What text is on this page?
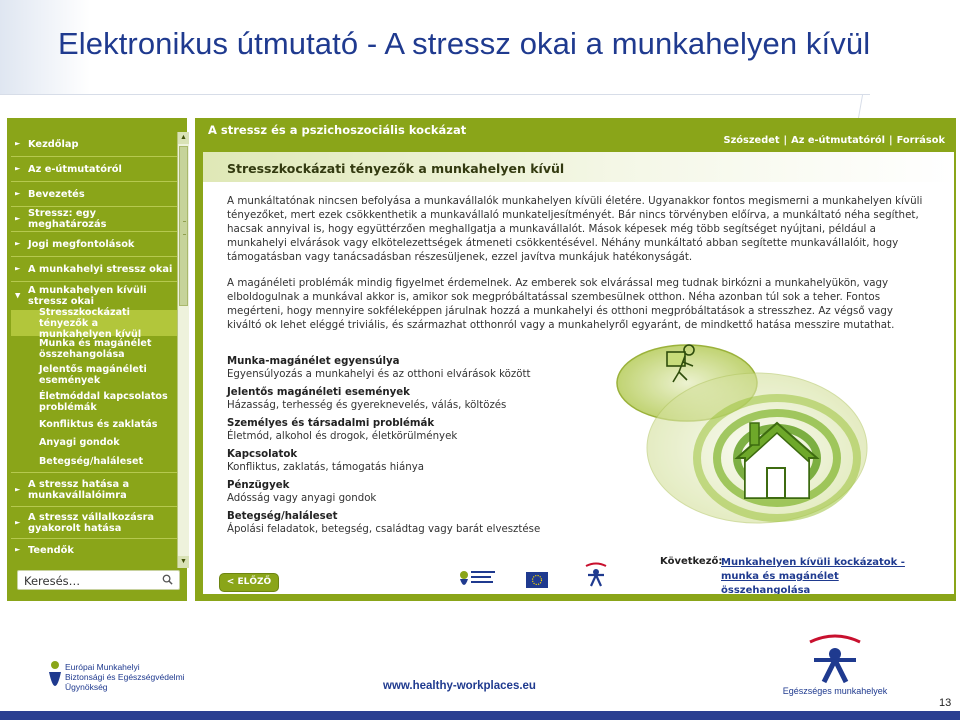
Elektronikus útmutató - A stressz okai a munkahelyen kívül
► Kezdőlap
► Az e-útmutatóról
► Bevezetés
► Stressz: egy meghatározás
► Jogi megfontolások
► A munkahelyi stressz okai
▼ A munkahelyen kívüli stressz okai
Stresszkockázati tényezők a munkahelyen kívül
Munka és magánélet összehangolása
Jelentős magánéleti események
Életmóddal kapcsolatos problémák
Konfliktus és zaklatás
Anyagi gondok
Betegség/haláleset
► A stressz hatása a munkavállalóimra
► A stressz vállalkozásra gyakorolt hatása
► Teendők
▲
▼
Keresés…
A stressz és a pszichoszociális kockázat
Szószedet | Az e-útmutatóról | Források
Stresszkockázati tényezők a munkahelyen kívül
A munkáltatónak nincsen befolyása a munkavállalók munkahelyen kívüli életére. Ugyanakkor fontos megismerni a munkahelyen kívüli tényezőket, mert ezek csökkenthetik a munkavállaló munkateljesítményét. Bár nincs törvényben előírva, a munkáltató néha segíthet, hacsak annyival is, hogy együttérzően meghallgatja a munkavállalót. Mások képesek még több segítséget nyújtani, például a munkahelyi elvárások vagy elkötelezettségek átmeneti csökkentésével. Néhány munkáltató abban segítette munkavállalóit, hogy támogatásban vagy tanácsadásban részesüljenek, ezzel javítva munkájuk hatékonyságát.
A magánéleti problémák mindig figyelmet érdemelnek. Az emberek sok elvárással meg tudnak birkózni a munkahelyükön, vagy elboldogulnak a munkával akkor is, amikor sok megpróbáltatással szembesülnek otthon. Néha azonban túl sok a teher. Fontos megérteni, hogy mennyire sokféleképpen járulnak hozzá a munkahelyi és otthoni megpróbáltatások a stresszhez. Az végső vagy kiváltó ok lehet eléggé triviális, és származhat otthonról vagy a munkahelyről egyaránt, de mindkettő hatása messzire mutathat.
Munka-magánélet egyensúlya
Egyensúlyozás a munkahelyi és az otthoni elvárások között
Jelentős magánéleti események
Házasság, terhesség és gyereknevelés, válás, költözés
Személyes és társadalmi problémák
Életmód, alkohol és drogok, életkörülmények
Kapcsolatok
Konfliktus, zaklatás, támogatás hiánya
Pénzügyek
Adósság vagy anyagi gondok
Betegség/haláleset
Ápolási feladatok, betegség, családtag vagy barát elvesztése
< ELŐZŐ
Következő:
Munkahelyen kívüli kockázatok - munka és magánélet összehangolása
Európai Munkahelyi
Biztonsági és Egészségvédelmi
Ügynökség	www.healthy-workplaces.eu	Egészséges munkahelyek
13
